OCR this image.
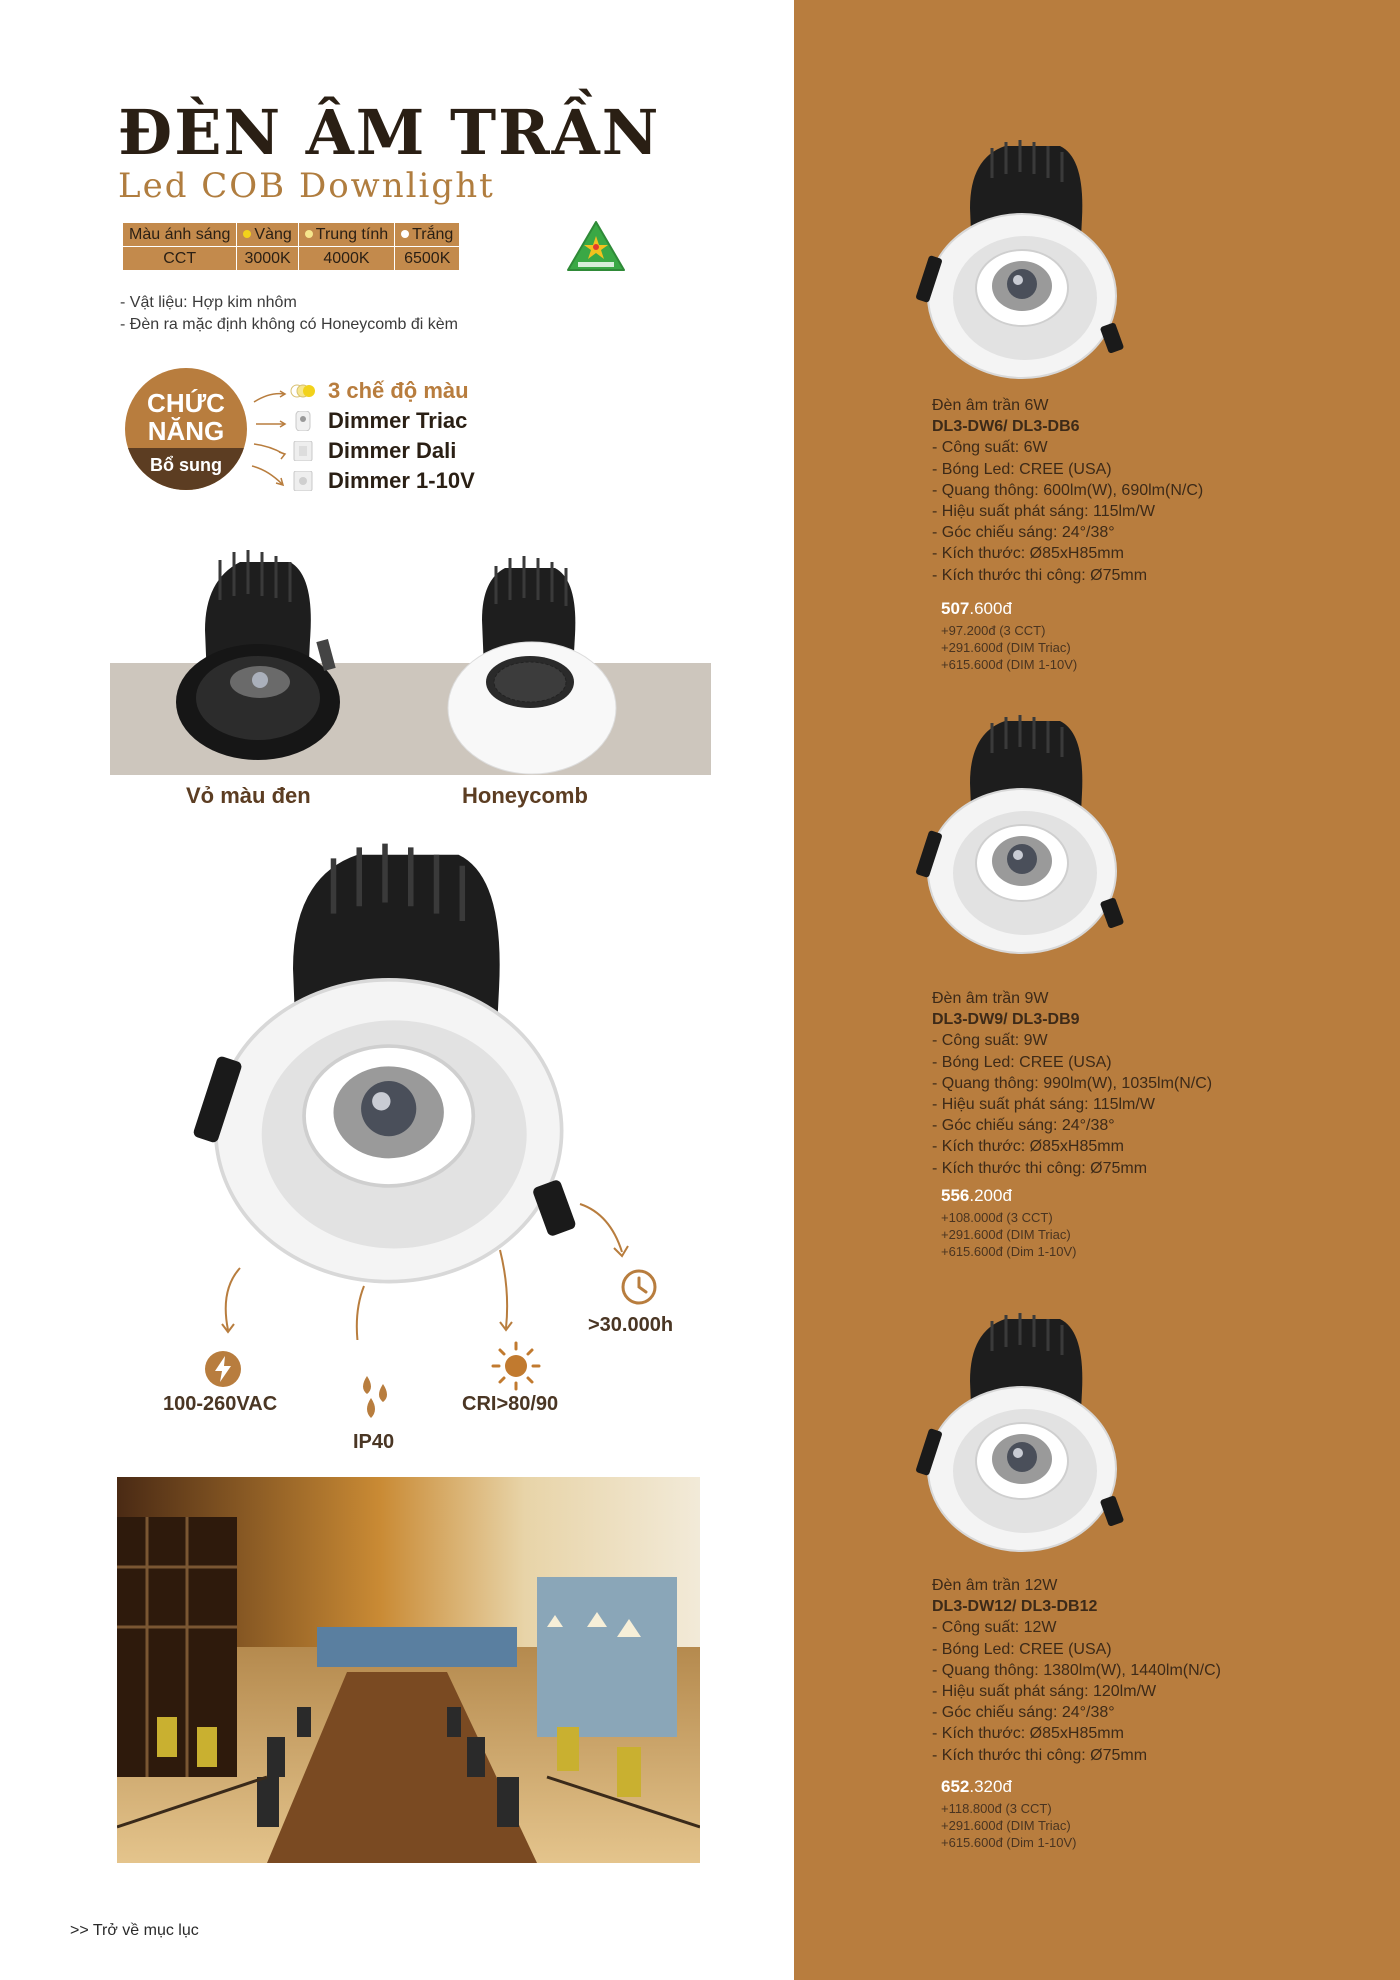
ĐÈN ÂM TRẦN
Led COB Downlight
Màu ánh sáng	Vàng	Trung tính	Trắng
CCT	3000K	4000K	6500K
- Vật liệu: Hợp kim nhôm
- Đèn ra mặc định không có Honeycomb đi kèm
CHỨC
NĂNG
Bổ sung
3 chế độ màu
Dimmer Triac
Dimmer Dali
Dimmer 1-10V
Vỏ màu đen	Honeycomb
100-260VAC
IP40
CRI>80/90
>30.000h
>> Trở về mục lục
Đèn âm trần 6W
DL3-DW6/ DL3-DB6
- Công suất: 6W
- Bóng Led: CREE (USA)
- Quang thông: 600lm(W), 690lm(N/C)
- Hiệu suất phát sáng: 115lm/W
- Góc chiếu sáng: 24°/38°
- Kích thước: Ø85xH85mm
- Kích thước thi công: Ø75mm
507.600đ
+97.200đ (3 CCT)
+291.600đ (DIM Triac)
+615.600đ (DIM 1-10V)
Đèn âm trần 9W
DL3-DW9/ DL3-DB9
- Công suất: 9W
- Bóng Led: CREE (USA)
- Quang thông: 990lm(W), 1035lm(N/C)
- Hiệu suất phát sáng: 115lm/W
- Góc chiếu sáng: 24°/38°
- Kích thước: Ø85xH85mm
- Kích thước thi công: Ø75mm
556.200đ
+108.000đ (3 CCT)
+291.600đ (DIM Triac)
+615.600đ (Dim 1-10V)
Đèn âm trần 12W
DL3-DW12/ DL3-DB12
- Công suất: 12W
- Bóng Led: CREE (USA)
- Quang thông: 1380lm(W), 1440lm(N/C)
- Hiệu suất phát sáng: 120lm/W
- Góc chiếu sáng: 24°/38°
- Kích thước: Ø85xH85mm
- Kích thước thi công: Ø75mm
652.320đ
+118.800đ (3 CCT)
+291.600đ (DIM Triac)
+615.600đ (Dim 1-10V)
